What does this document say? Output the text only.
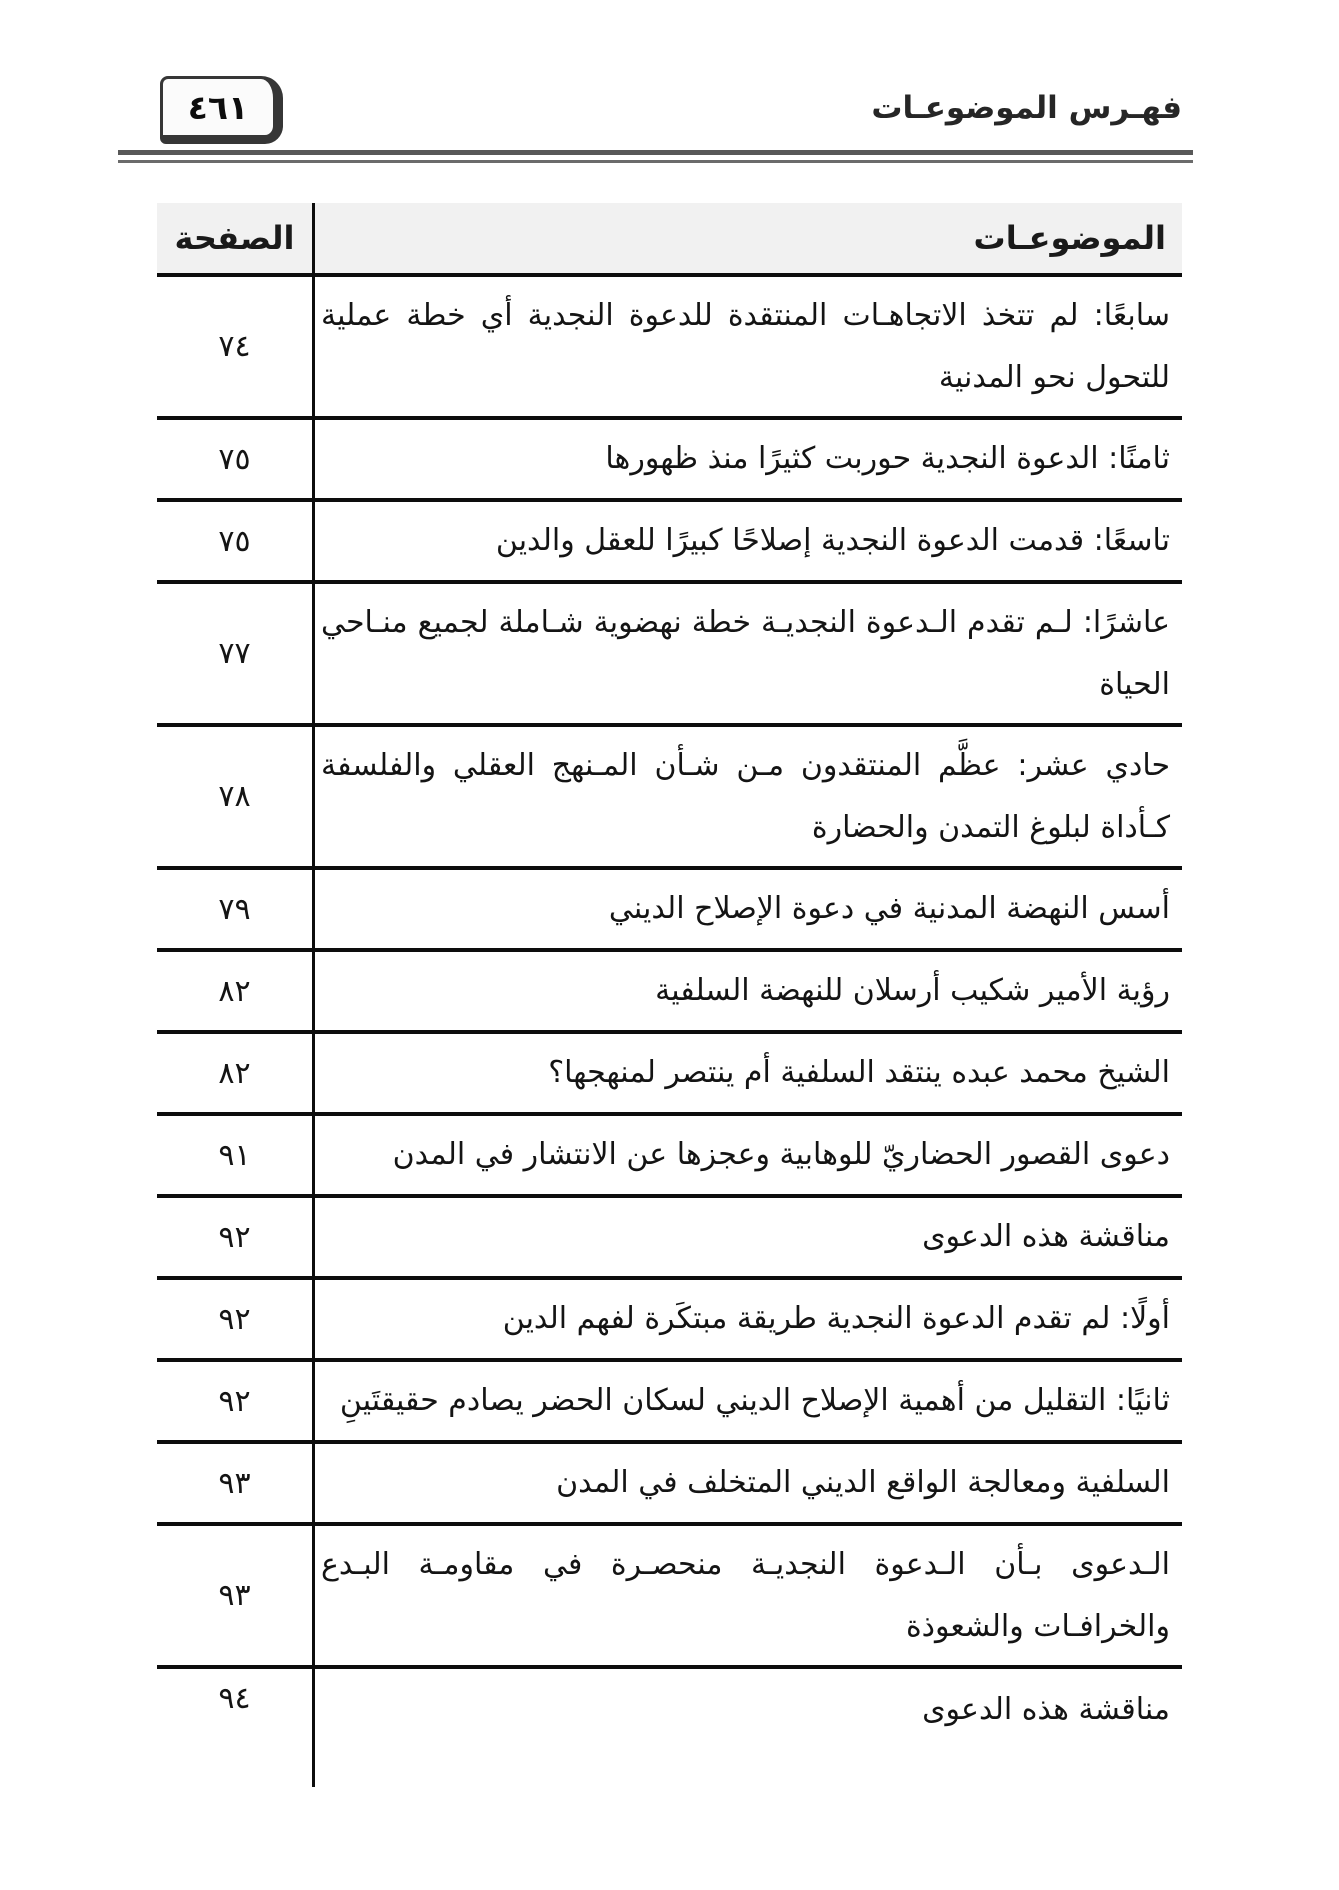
٤٦١	فهـرس الموضوعـات
الموضوعـات
الصفحة
سابعًا: لم تتخذ الاتجاهـات المنتقدة للدعوة النجدية أي خطة عملية للتحول نحو المدنية
٧٤
ثامنًا: الدعوة النجدية حوربت كثيرًا منذ ظهورها
٧٥
تاسعًا: قدمت الدعوة النجدية إصلاحًا كبيرًا للعقل والدين
٧٥
عاشرًا: لـم تقدم الـدعوة النجديـة خطة نهضوية شـاملة لجميع منـاحي الحياة
٧٧
حادي عشر: عظَّم المنتقدون مـن شـأن المـنهج العقلي والفلسفة كـأداة لبلوغ التمدن والحضارة
٧٨
أسس النهضة المدنية في دعوة الإصلاح الديني
٧٩
رؤية الأمير شكيب أرسلان للنهضة السلفية
٨٢
الشيخ محمد عبده ينتقد السلفية أم ينتصر لمنهجها؟
٨٢
دعوى القصور الحضاريّ للوهابية وعجزها عن الانتشار في المدن
٩١
مناقشة هذه الدعوى
٩٢
أولًا: لم تقدم الدعوة النجدية طريقة مبتكَرة لفهم الدين
٩٢
ثانيًا: التقليل من أهمية الإصلاح الديني لسكان الحضر يصادم حقيقتَينِ
٩٢
السلفية ومعالجة الواقع الديني المتخلف في المدن
٩٣
الـدعوى بـأن الـدعوة النجديـة منحصـرة في مقاومـة البـدع والخرافـات والشعوذة
٩٣
مناقشة هذه الدعوى
٩٤
